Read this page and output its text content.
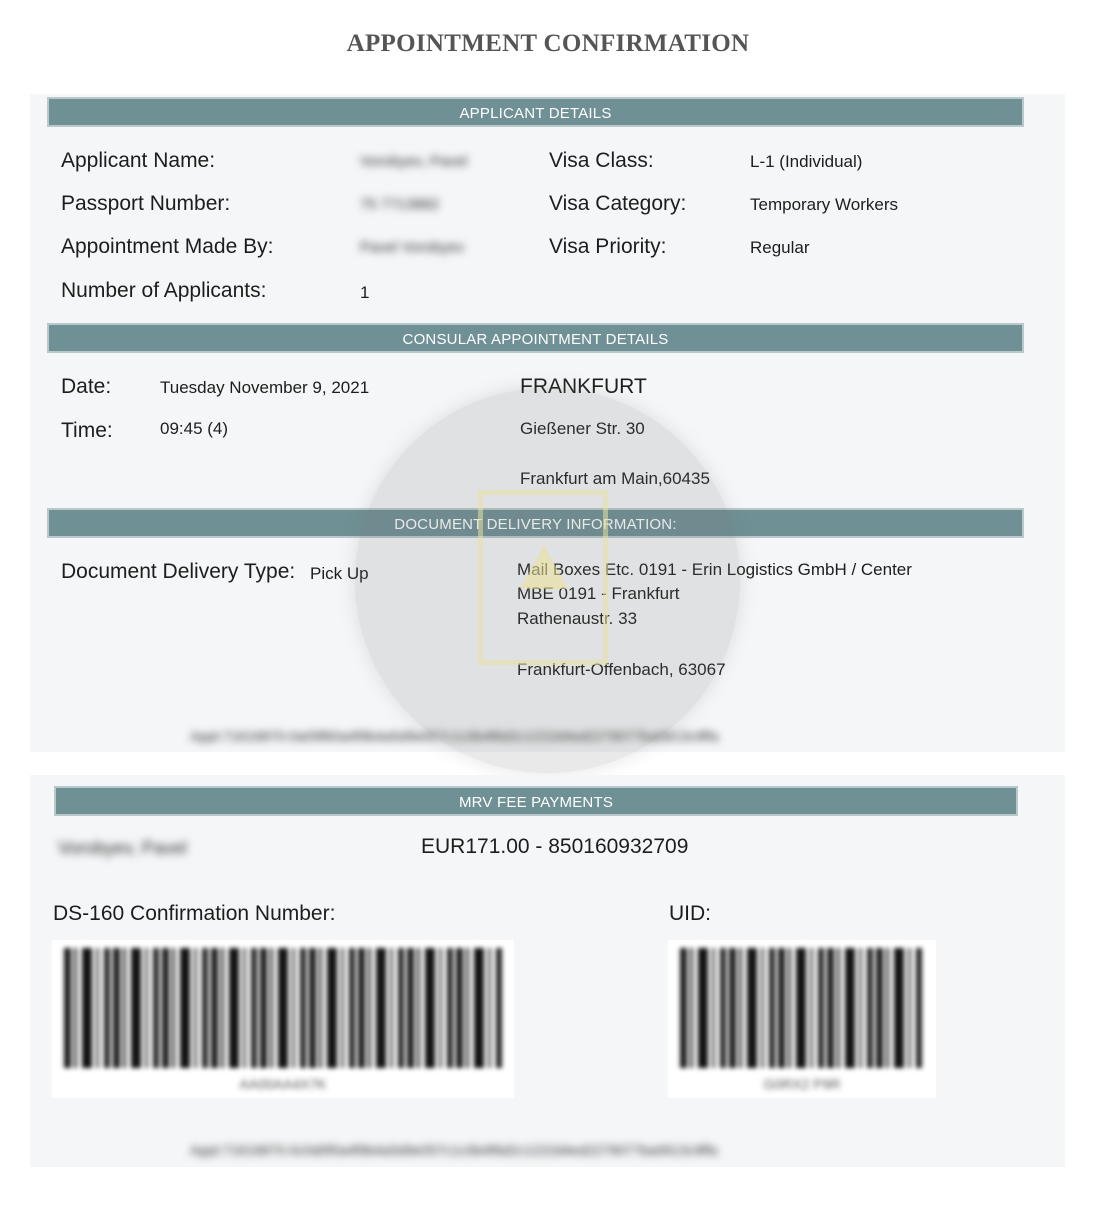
APPOINTMENT CONFIRMATION
APPLICANT DETAILS
Applicant Name:	Vorobyev, Pavel
Passport Number:	75 7713882
Appointment Made By:	Pavel Vorobyev
Number of Applicants:	1
Visa Class:	L-1 (Individual)
Visa Category:	Temporary Workers
Visa Priority:	Regular
CONSULAR APPOINTMENT DETAILS
Date:	Tuesday November 9, 2021
Time:	09:45 (4)
FRANKFURT
Gießener Str. 30
Frankfurt am Main,60435
DOCUMENT DELIVERY INFORMATION:
Document Delivery Type: Pick Up	Mail Boxes Etc. 0191 - Erin Logistics GmbH / Center
MBE 0191 - Frankfurt
Rathenaustr. 33
Frankfurt-Offenbach, 63067
Appt:71616870-0a09f60a4f9b4a5d9e057c1c0b4f6d2c1222d4ed2279077ba0613c9ffa
MRV FEE PAYMENTS
Vorobyev, Pavel	EUR171.00 - 850160932709
DS-160 Confirmation Number:	UID:
AA00AA4X7K	G0RX2 P9R
Appt:71616870-0c0d0f0a4f9b4a5d9e057c1c0b4f6d2c1222d4ed2279077ba0613c9ffa
